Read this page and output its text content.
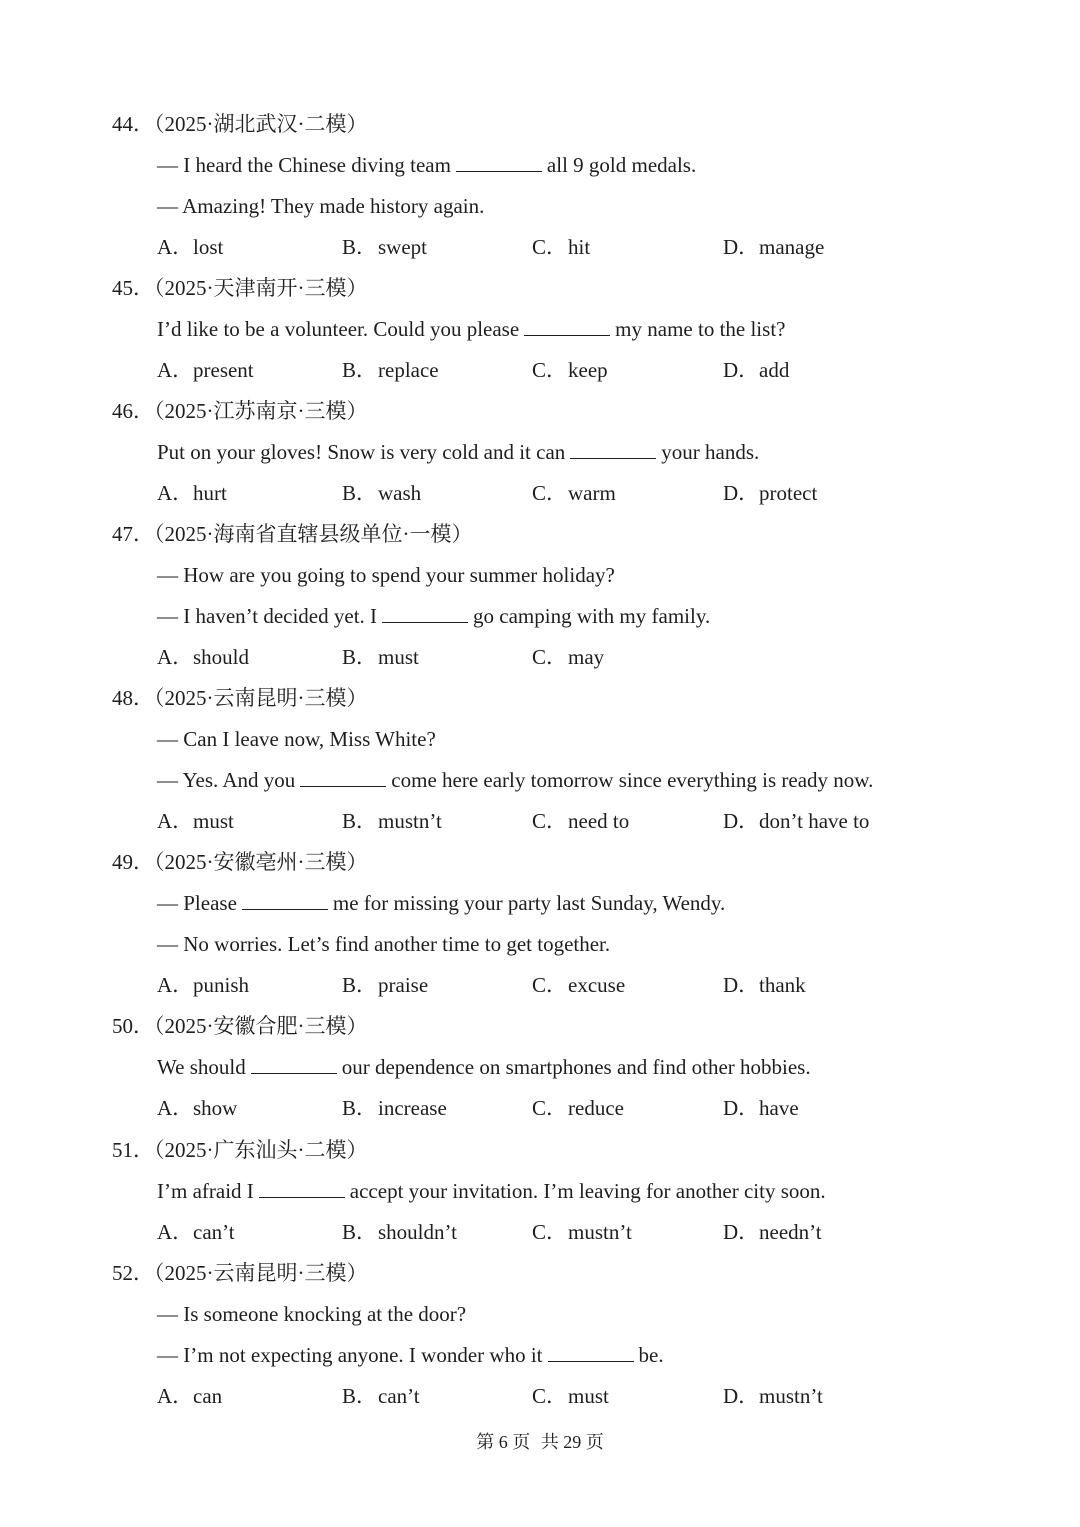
44．（2025·湖北武汉·二模）
— I heard the Chinese diving team	all 9 gold medals.
— Amazing! They made history again.
A．lost	B．swept	C．hit	D．manage
45．（2025·天津南开·三模）
I’d like to be a volunteer. Could you please	my name to the list?
A．present	B．replace	C．keep	D．add
46．（2025·江苏南京·三模）
Put on your gloves! Snow is very cold and it can	your hands.
A．hurt	B．wash	C．warm	D．protect
47．（2025·海南省直辖县级单位·一模）
— How are you going to spend your summer holiday?
— I haven’t decided yet. I	go camping with my family.
A．should	B．must	C．may
48．（2025·云南昆明·三模）
— Can I leave now, Miss White?
— Yes. And you	come here early tomorrow since everything is ready now.
A．must	B．mustn’t	C．need to	D．don’t have to
49．（2025·安徽亳州·三模）
— Please	me for missing your party last Sunday, Wendy.
— No worries. Let’s find another time to get together.
A．punish	B．praise	C．excuse	D．thank
50．（2025·安徽合肥·三模）
We should	our dependence on smartphones and find other hobbies.
A．show	B．increase	C．reduce	D．have
51．（2025·广东汕头·二模）
I’m afraid I	accept your invitation. I’m leaving for another city soon.
A．can’t	B．shouldn’t	C．mustn’t	D．needn’t
52．（2025·云南昆明·三模）
— Is someone knocking at the door?
— I’m not expecting anyone. I wonder who it	be.
A．can	B．can’t	C．must	D．mustn’t
第 6 页 共 29 页
